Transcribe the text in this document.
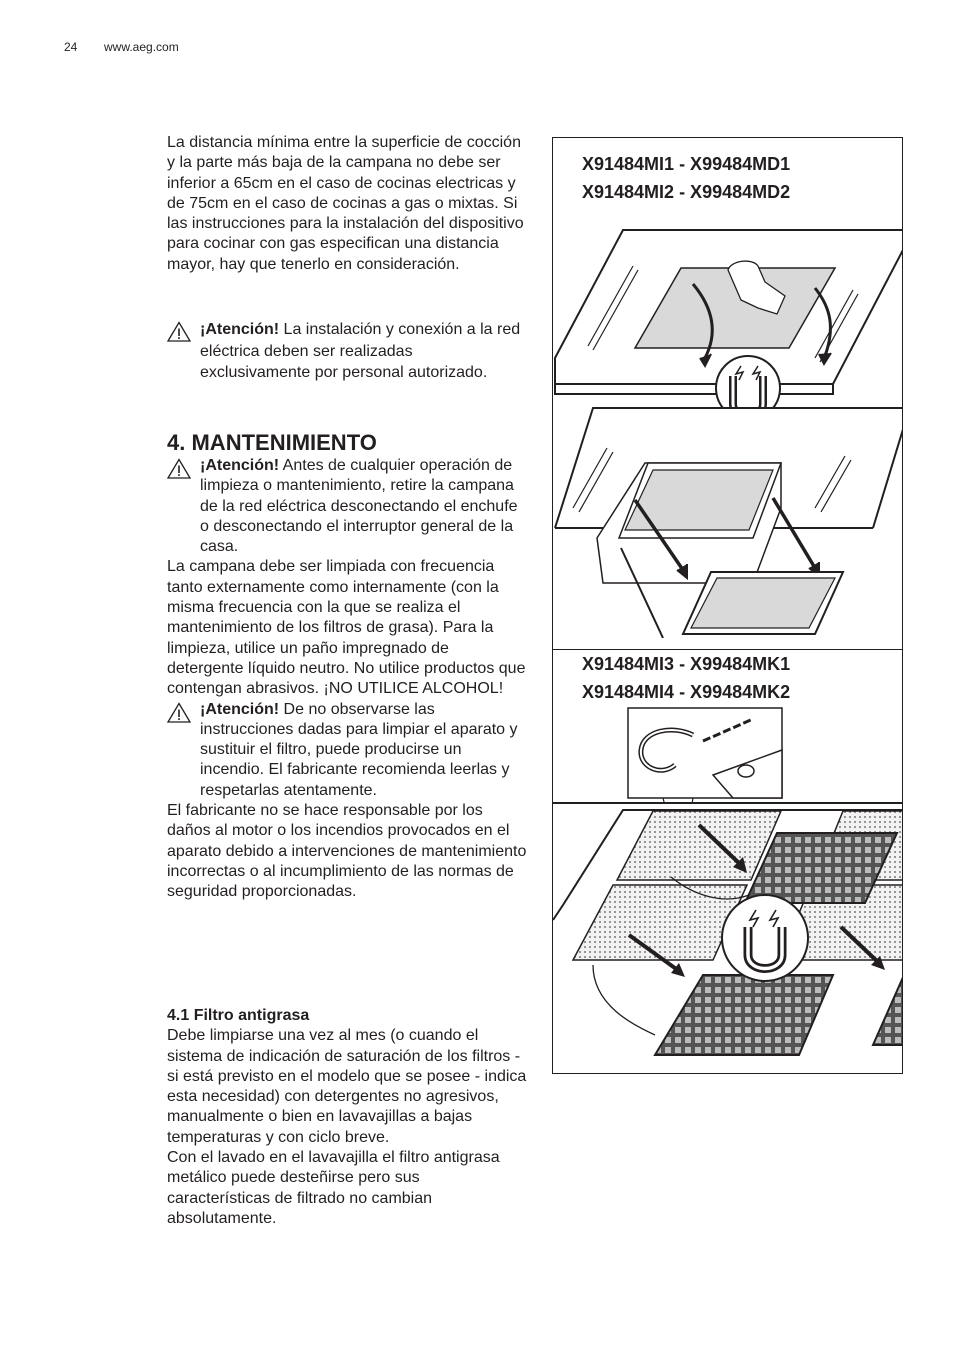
24 www.aeg.com

La distancia mínima entre la superficie de cocción y la parte más baja de la campana no debe ser inferior a 65cm en el caso de cocinas electricas y de 75cm en el caso de cocinas a gas o mixtas. Si las instrucciones para la instalación del dispositivo para cocinar con gas especifican una distancia mayor, hay que tenerlo en consideración.

¡Atención! La instalación y conexión a la red eléctrica deben ser realizadas exclusivamente por personal autorizado.
4. MANTENIMIENTO
¡Atención! Antes de cualquier operación de limpieza o mantenimiento, retire la campana de la red eléctrica desconectando el enchufe o desconectando el interruptor general de la casa.

La campana debe ser limpiada con frecuencia tanto externamente como internamente (con la misma frecuencia con la que se realiza el mantenimiento de los filtros de grasa). Para la limpieza, utilice un paño impregnado de detergente líquido neutro. No utilice productos que contengan abrasivos. ¡NO UTILICE ALCOHOL!

¡Atención! De no observarse las instrucciones dadas para limpiar el aparato y sustituir el filtro, puede producirse un incendio. El fabricante recomienda leerlas y respetarlas atentamente.

El fabricante no se hace responsable por los daños al motor o los incendios provocados en el aparato debido a intervenciones de mantenimiento incorrectas o al incumplimiento de las normas de seguridad proporcionadas.

4.1 Filtro antigrasa

Debe limpiarse una vez al mes (o cuando el sistema de indicación de saturación de los filtros - si está previsto en el modelo que se posee - indica esta necesidad) con detergentes no agresivos, manualmente o bien en lavavajillas a bajas temperaturas y con ciclo breve.

Con el lavado en el lavavajilla el filtro antigrasa metálico puede desteñirse pero sus características de filtrado no cambian absolutamente.

X91484MI1 - X99484MD1
X91484MI2 - X99484MD2
X91484MI3 - X99484MK1
X91484MI4 - X99484MK2
